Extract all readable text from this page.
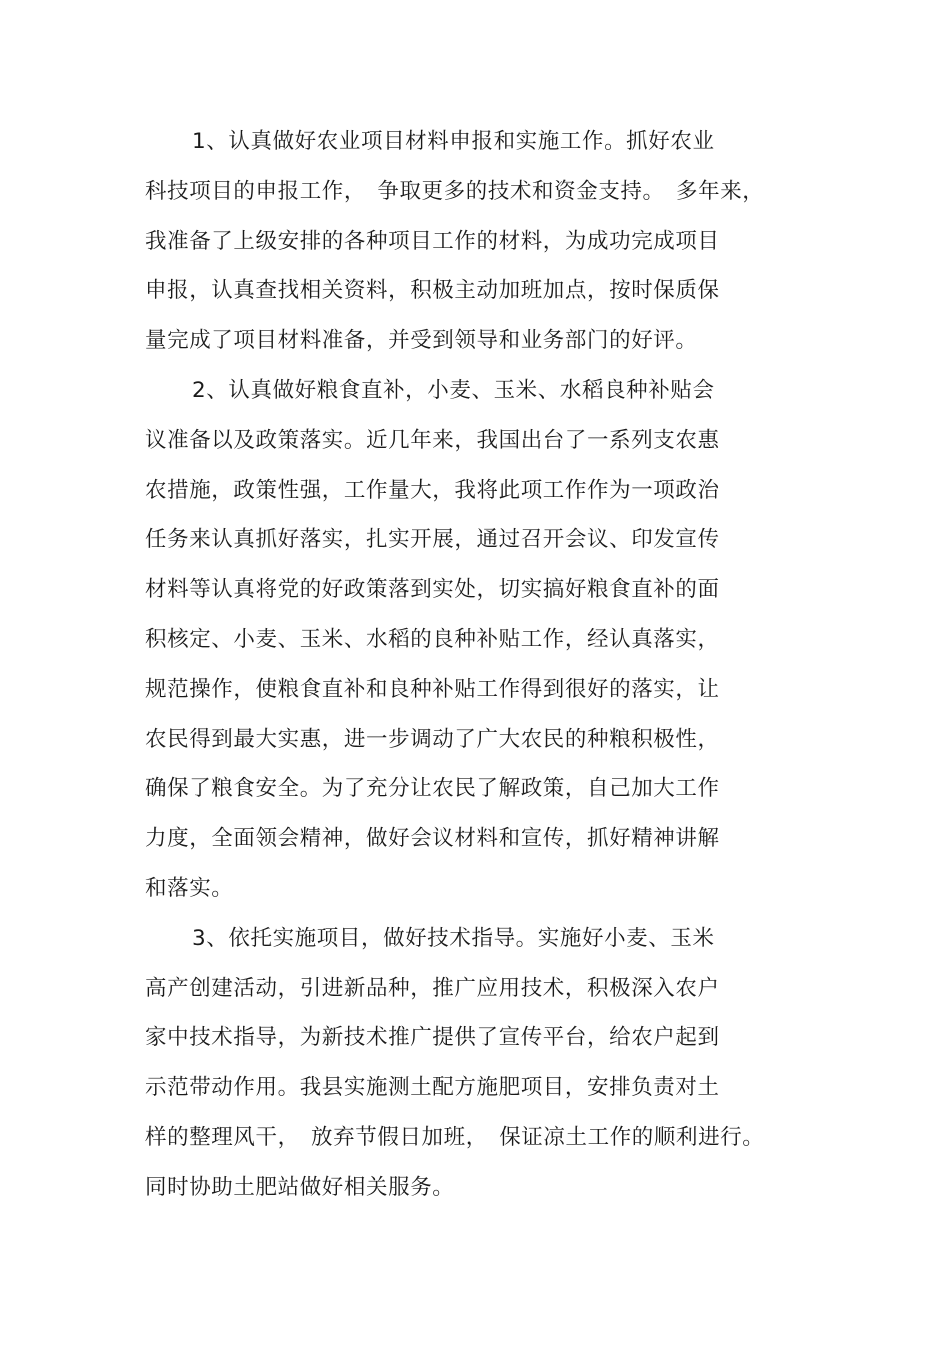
1、认真做好农业项目材料申报和实施工作。抓好农业
科技项目的申报工作，　争取更多的技术和资金支持。　多年来，
我准备了上级安排的各种项目工作的材料，为成功完成项目
申报，认真查找相关资料，积极主动加班加点，按时保质保
量完成了项目材料准备，并受到领导和业务部门的好评。
2、认真做好粮食直补，小麦、玉米、水稻良种补贴会
议准备以及政策落实。近几年来，我国出台了一系列支农惠
农措施，政策性强，工作量大，我将此项工作作为一项政治
任务来认真抓好落实，扎实开展，通过召开会议、印发宣传
材料等认真将党的好政策落到实处，切实搞好粮食直补的面
积核定、小麦、玉米、水稻的良种补贴工作，经认真落实，
规范操作，使粮食直补和良种补贴工作得到很好的落实，让
农民得到最大实惠，进一步调动了广大农民的种粮积极性，
确保了粮食安全。为了充分让农民了解政策，自己加大工作
力度，全面领会精神，做好会议材料和宣传，抓好精神讲解
和落实。
3、依托实施项目，做好技术指导。实施好小麦、玉米
高产创建活动，引进新品种，推广应用技术，积极深入农户
家中技术指导，为新技术推广提供了宣传平台，给农户起到
示范带动作用。我县实施测土配方施肥项目，安排负责对土
样的整理风干，　放弃节假日加班，　保证凉土工作的顺利进行。
同时协助土肥站做好相关服务。
